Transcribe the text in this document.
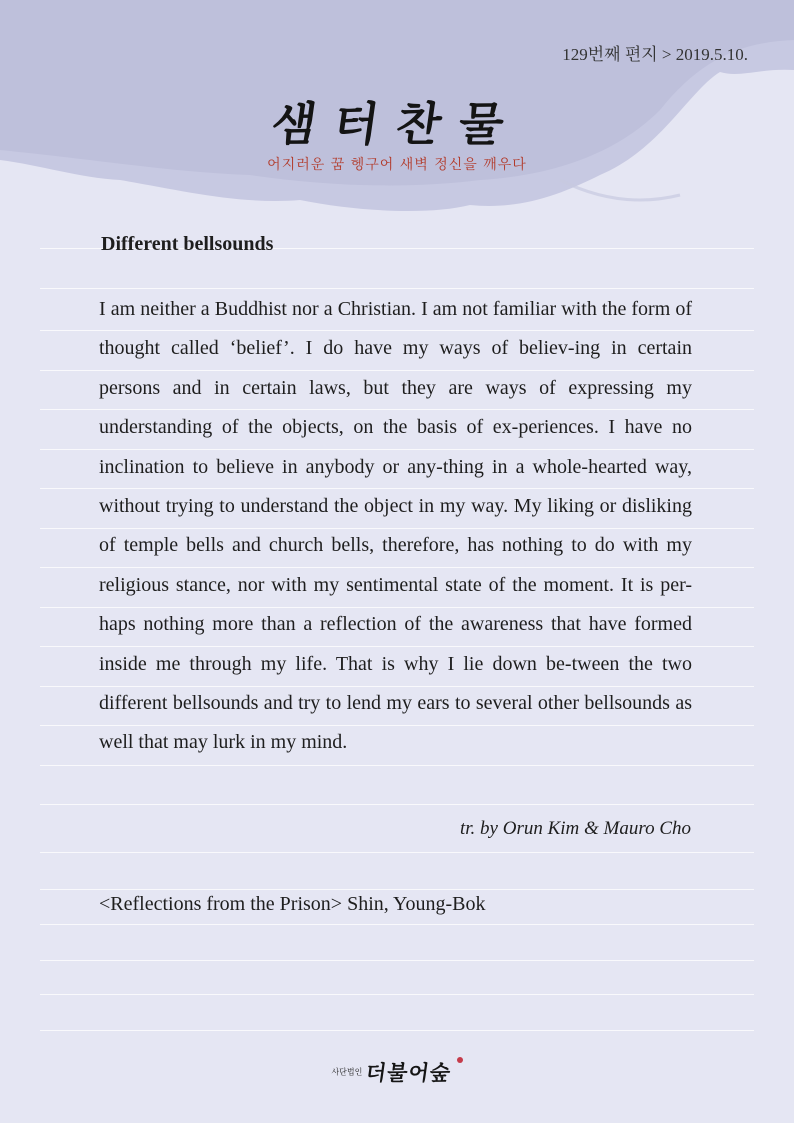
129번째 편지 > 2019.5.10.
샘터찬물
어지러운 꿈 헹구어 새벽 정신을 깨우다
Different bellsounds

I am neither a Buddhist nor a Christian. I am not familiar with the form of thought called ‘belief’. I do have my ways of believ-ing in certain persons and in certain laws, but they are ways of expressing my understanding of the objects, on the basis of ex-periences. I have no inclination to believe in anybody or any-thing in a whole-hearted way, without trying to understand the object in my way. My liking or disliking of temple bells and church bells, therefore, has nothing to do with my religious stance, nor with my sentimental state of the moment. It is per-haps nothing more than a reflection of the awareness that have formed inside me through my life. That is why I lie down be-tween the two different bellsounds and try to lend my ears to several other bellsounds as well that may lurk in my mind.

tr. by Orun Kim & Mauro Cho
<Reflections from the Prison> Shin, Young-Bok
사단법인 더불어숲
